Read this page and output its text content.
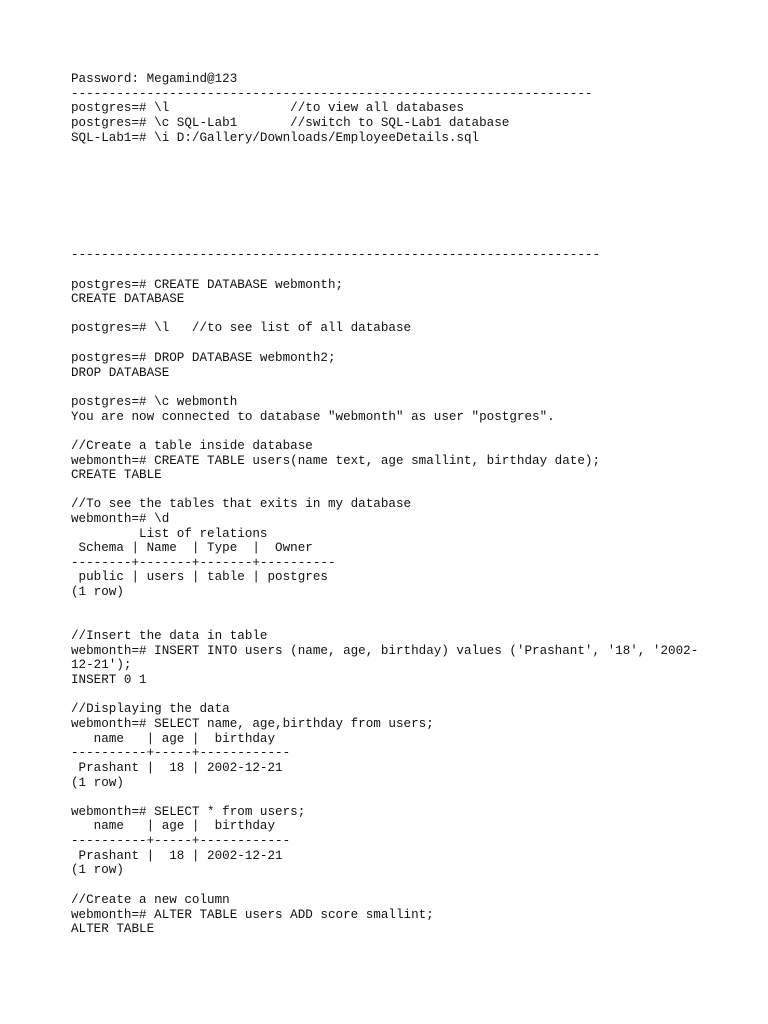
Password: Megamind@123

---------------------------------------------------------------------

postgres=# \l                //to view all databases

postgres=# \c SQL-Lab1       //switch to SQL-Lab1 database

SQL-Lab1=# \i D:/Gallery/Downloads/EmployeeDetails.sql

----------------------------------------------------------------------

postgres=# CREATE DATABASE webmonth;

CREATE DATABASE

postgres=# \l   //to see list of all database

postgres=# DROP DATABASE webmonth2;

DROP DATABASE

postgres=# \c webmonth

You are now connected to database "webmonth" as user "postgres".

//Create a table inside database

webmonth=# CREATE TABLE users(name text, age smallint, birthday date);

CREATE TABLE

//To see the tables that exits in my database

webmonth=# \d

List of relations

Schema | Name  | Type  |  Owner

--------+-------+-------+----------

public | users | table | postgres

(1 row)

//Insert the data in table

webmonth=# INSERT INTO users (name, age, birthday) values ('Prashant', '18', '2002-

12-21');

INSERT 0 1

//Displaying the data

webmonth=# SELECT name, age,birthday from users;

name   | age |  birthday

----------+-----+------------

Prashant |  18 | 2002-12-21

(1 row)

webmonth=# SELECT * from users;

name   | age |  birthday

----------+-----+------------

Prashant |  18 | 2002-12-21

(1 row)

//Create a new column

webmonth=# ALTER TABLE users ADD score smallint;

ALTER TABLE
